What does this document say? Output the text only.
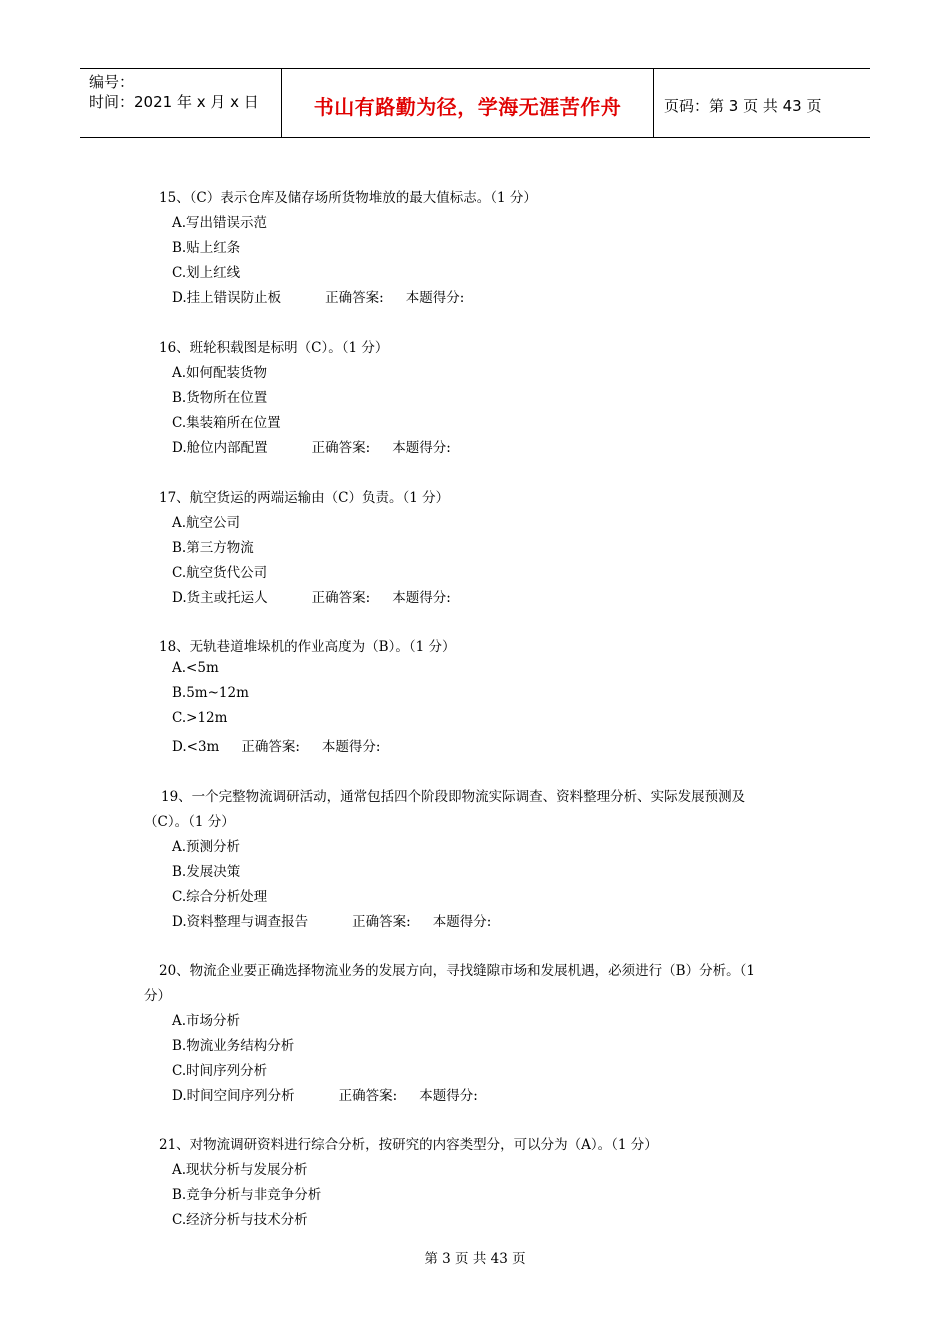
编号：
时间：2021 年 x 月 x 日	书山有路勤为径，学海无涯苦作舟	页码：第 3 页 共 43 页
15、（C）表示仓库及储存场所货物堆放的最大值标志。（1 分）
A.写出错误示范
B.贴上红条
C.划上红线
D.挂上错误防止板	正确答案: 本题得分:
16、班轮积载图是标明（C）。（1 分）
A.如何配装货物
B.货物所在位置
C.集装箱所在位置
D.舱位内部配置	正确答案: 本题得分:
17、航空货运的两端运输由（C）负责。（1 分）
A.航空公司
B.第三方物流
C.航空货代公司
D.货主或托运人	正确答案: 本题得分:
18、无轨巷道堆垛机的作业高度为（B）。（1 分）
A.<5m
B.5m~12m
C.>12m
D.<3m 正确答案: 本题得分:
19、一个完整物流调研活动，通常包括四个阶段即物流实际调查、资料整理分析、实际发展预测及
（C）。（1 分）
A.预测分析
B.发展决策
C.综合分析处理
D.资料整理与调查报告	正确答案: 本题得分:
20、物流企业要正确选择物流业务的发展方向，寻找缝隙市场和发展机遇，必须进行（B）分析。（1
分）
A.市场分析
B.物流业务结构分析
C.时间序列分析
D.时间空间序列分析	正确答案: 本题得分:
21、对物流调研资料进行综合分析，按研究的内容类型分，可以分为（A）。（1 分）
A.现状分析与发展分析
B.竞争分析与非竞争分析
C.经济分析与技术分析
第 3 页 共 43 页
